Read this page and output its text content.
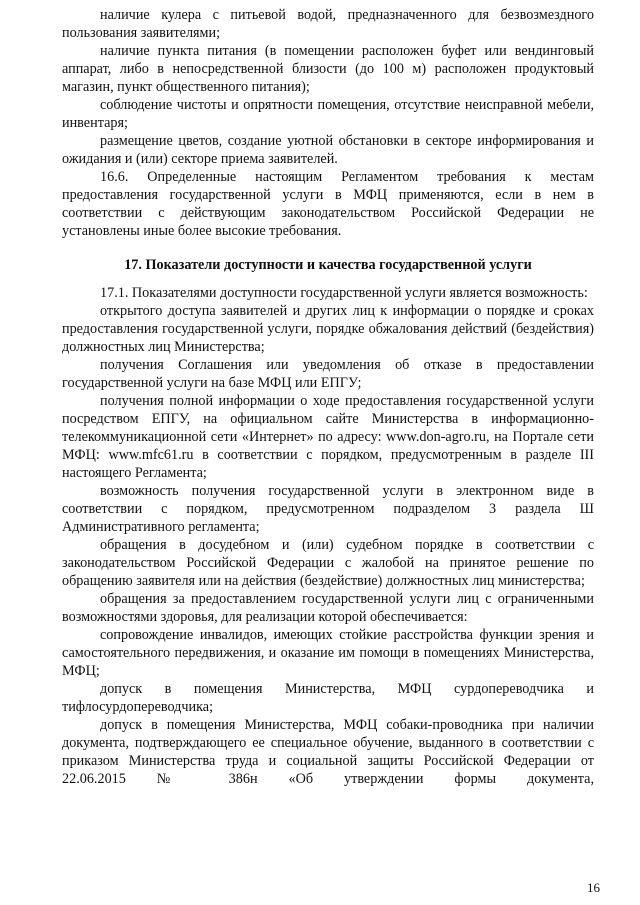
наличие кулера с питьевой водой, предназначенного для безвозмездного пользования заявителями;

наличие пункта питания (в помещении расположен буфет или вендинговый аппарат, либо в непосредственной близости (до 100 м) расположен продуктовый магазин, пункт общественного питания);

соблюдение чистоты и опрятности помещения, отсутствие неисправной мебели, инвентаря;

размещение цветов, создание уютной обстановки в секторе информирования и ожидания и (или) секторе приема заявителей.

16.6. Определенные настоящим Регламентом требования к местам предоставления государственной услуги в МФЦ применяются, если в нем в соответствии с действующим законодательством Российской Федерации не установлены иные более высокие требования.

17. Показатели доступности и качества государственной услуги

17.1. Показателями доступности государственной услуги является возможность:

открытого доступа заявителей и других лиц к информации о порядке и сроках предоставления государственной услуги, порядке обжалования действий (бездействия) должностных лиц Министерства;

получения Соглашения или уведомления об отказе в предоставлении государственной услуги на базе МФЦ или ЕПГУ;

получения полной информации о ходе предоставления государственной услуги посредством ЕПГУ, на официальном сайте Министерства в информационно-телекоммуникационной сети «Интернет» по адресу: www.don-agro.ru, на Портале сети МФЦ: www.mfc61.ru в соответствии с порядком, предусмотренным в разделе III настоящего Регламента;

возможность получения государственной услуги в электронном виде в соответствии с порядком, предусмотренном подразделом 3 раздела Ш Административного регламента;

обращения в досудебном и (или) судебном порядке в соответствии с законодательством Российской Федерации с жалобой на принятое решение по обращению заявителя или на действия (бездействие) должностных лиц министерства;

обращения за предоставлением государственной услуги лиц с ограниченными возможностями здоровья, для реализации которой обеспечивается:

сопровождение инвалидов, имеющих стойкие расстройства функции зрения и самостоятельного передвижения, и оказание им помощи в помещениях Министерства, МФЦ;

допуск в помещения Министерства, МФЦ сурдопереводчика и тифлосурдопереводчика;

допуск в помещения Министерства, МФЦ собаки-проводника при наличии документа, подтверждающего ее специальное обучение, выданного в соответствии с приказом Министерства труда и социальной защиты Российской Федерации от 22.06.2015 № 386н «Об утверждении формы документа,

16
